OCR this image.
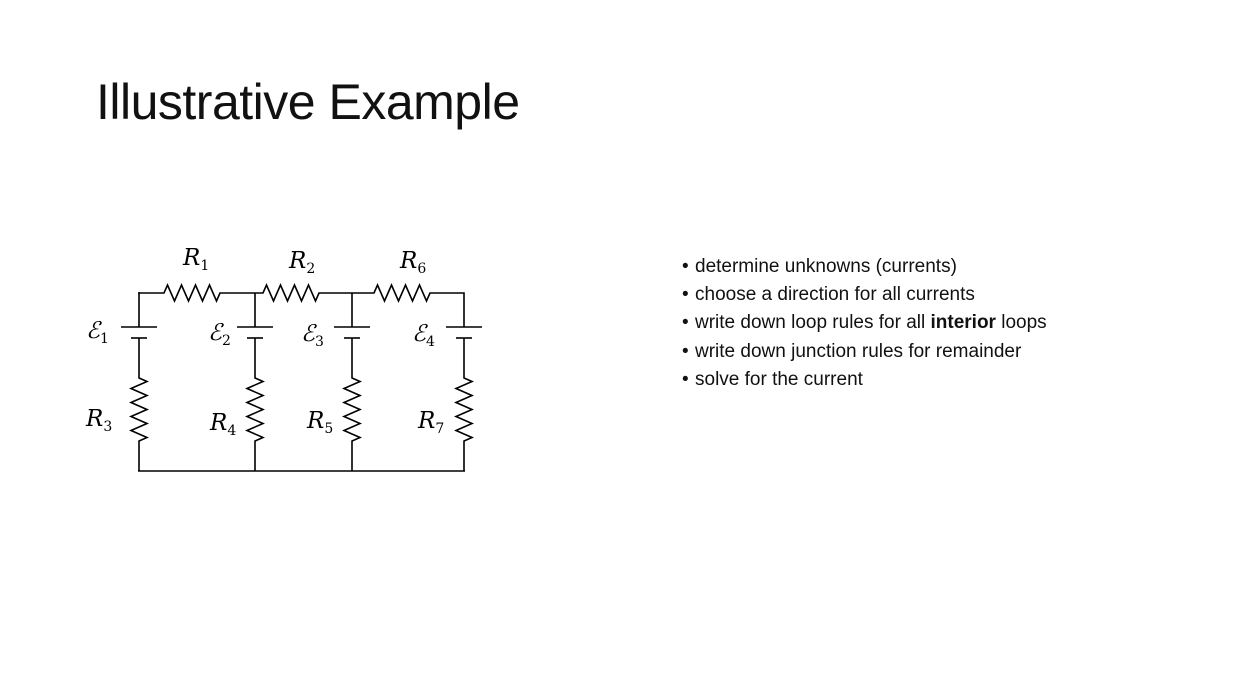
Illustrative Example
$R_1$	$R_2$	$R_6$
$R_3$	$R_4$	$R_5$	$R_7$
ℰ$_1$	ℰ$_2$	ℰ$_3$	ℰ$_4$
• determine unknowns (currents)
• choose a direction for all currents
• write down loop rules for all interior loops
• write down junction rules for remainder
• solve for the current
